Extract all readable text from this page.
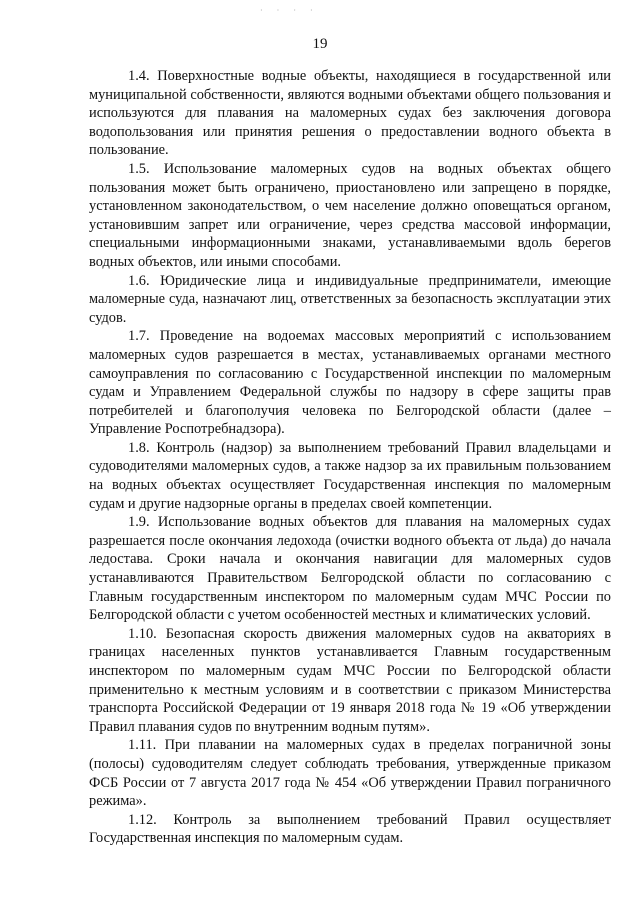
· · · ·
19

1.4. Поверхностные водные объекты, находящиеся в государственной или муниципальной собственности, являются водными объектами общего пользования и используются для плавания на маломерных судах без заключения договора водопользования или принятия решения о предоставлении водного объекта в пользование.

1.5. Использование маломерных судов на водных объектах общего пользования может быть ограничено, приостановлено или запрещено в порядке, установленном законодательством, о чем население должно оповещаться органом, установившим запрет или ограничение, через средства массовой информации, специальными информационными знаками, устанавливаемыми вдоль берегов водных объектов, или иными способами.

1.6. Юридические лица и индивидуальные предприниматели, имеющие маломерные суда, назначают лиц, ответственных за безопасность эксплуатации этих судов.

1.7. Проведение на водоемах массовых мероприятий с использованием маломерных судов разрешается в местах, устанавливаемых органами местного самоуправления по согласованию с Государственной инспекции по маломерным судам и Управлением Федеральной службы по надзору в сфере защиты прав потребителей и благополучия человека по Белгородской области (далее – Управление Роспотребнадзора).

1.8. Контроль (надзор) за выполнением требований Правил владельцами и судоводителями маломерных судов, а также надзор за их правильным пользованием на водных объектах осуществляет Государственная инспекция по маломерным судам и другие надзорные органы в пределах своей компетенции.

1.9. Использование водных объектов для плавания на маломерных судах разрешается после окончания ледохода (очистки водного объекта от льда) до начала ледостава. Сроки начала и окончания навигации для маломерных судов устанавливаются Правительством Белгородской области по согласованию с Главным государственным инспектором по маломерным судам МЧС России по Белгородской области с учетом особенностей местных и климатических условий.

1.10. Безопасная скорость движения маломерных судов на акваториях в границах населенных пунктов устанавливается Главным государственным инспектором по маломерным судам МЧС России по Белгородской области применительно к местным условиям и в соответствии с приказом Министерства транспорта Российской Федерации от 19 января 2018 года № 19 «Об утверждении Правил плавания судов по внутренним водным путям».

1.11. При плавании на маломерных судах в пределах пограничной зоны (полосы) судоводителям следует соблюдать требования, утвержденные приказом ФСБ России от 7 августа 2017 года № 454 «Об утверждении Правил пограничного режима».

1.12. Контроль за выполнением требований Правил осуществляет Государственная инспекция по маломерным судам.
